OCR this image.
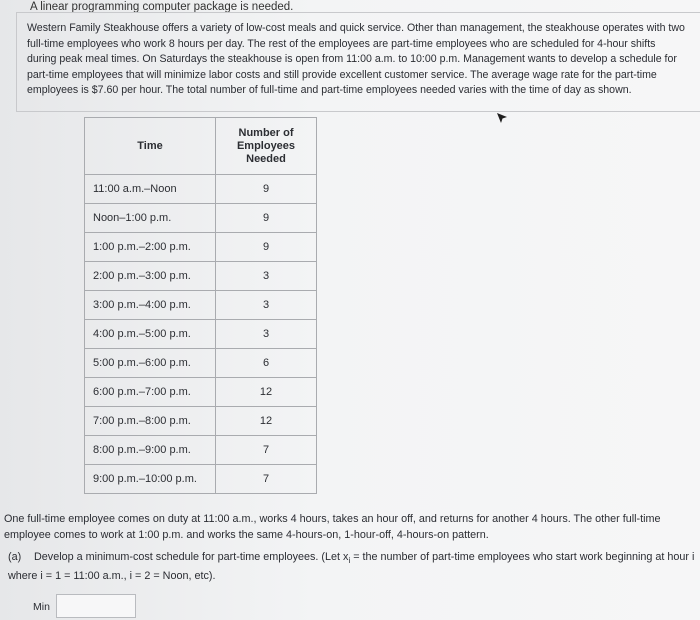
A linear programming computer package is needed.

Western Family Steakhouse offers a variety of low-cost meals and quick service. Other than management, the steakhouse operates with two full-time employees who work 8 hours per day. The rest of the employees are part-time employees who are scheduled for 4-hour shifts during peak meal times. On Saturdays the steakhouse is open from 11:00 a.m. to 10:00 p.m. Management wants to develop a schedule for part-time employees that will minimize labor costs and still provide excellent customer service. The average wage rate for the part-time employees is $7.60 per hour. The total number of full-time and part-time employees needed varies with the time of day as shown.

Time	Number of Employees Needed
11:00 a.m.–Noon	9
Noon–1:00 p.m.	9
1:00 p.m.–2:00 p.m.	9
2:00 p.m.–3:00 p.m.	3
3:00 p.m.–4:00 p.m.	3
4:00 p.m.–5:00 p.m.	3
5:00 p.m.–6:00 p.m.	6
6:00 p.m.–7:00 p.m.	12
7:00 p.m.–8:00 p.m.	12
8:00 p.m.–9:00 p.m.	7
9:00 p.m.–10:00 p.m.	7

One full-time employee comes on duty at 11:00 a.m., works 4 hours, takes an hour off, and returns for another 4 hours. The other full-time employee comes to work at 1:00 p.m. and works the same 4-hours-on, 1-hour-off, 4-hours-on pattern.

(a) Develop a minimum-cost schedule for part-time employees. (Let $x_i$ = the number of part-time employees who start work beginning at hour i where i = 1 = 11:00 a.m., i = 2 = Noon, etc).
Min
